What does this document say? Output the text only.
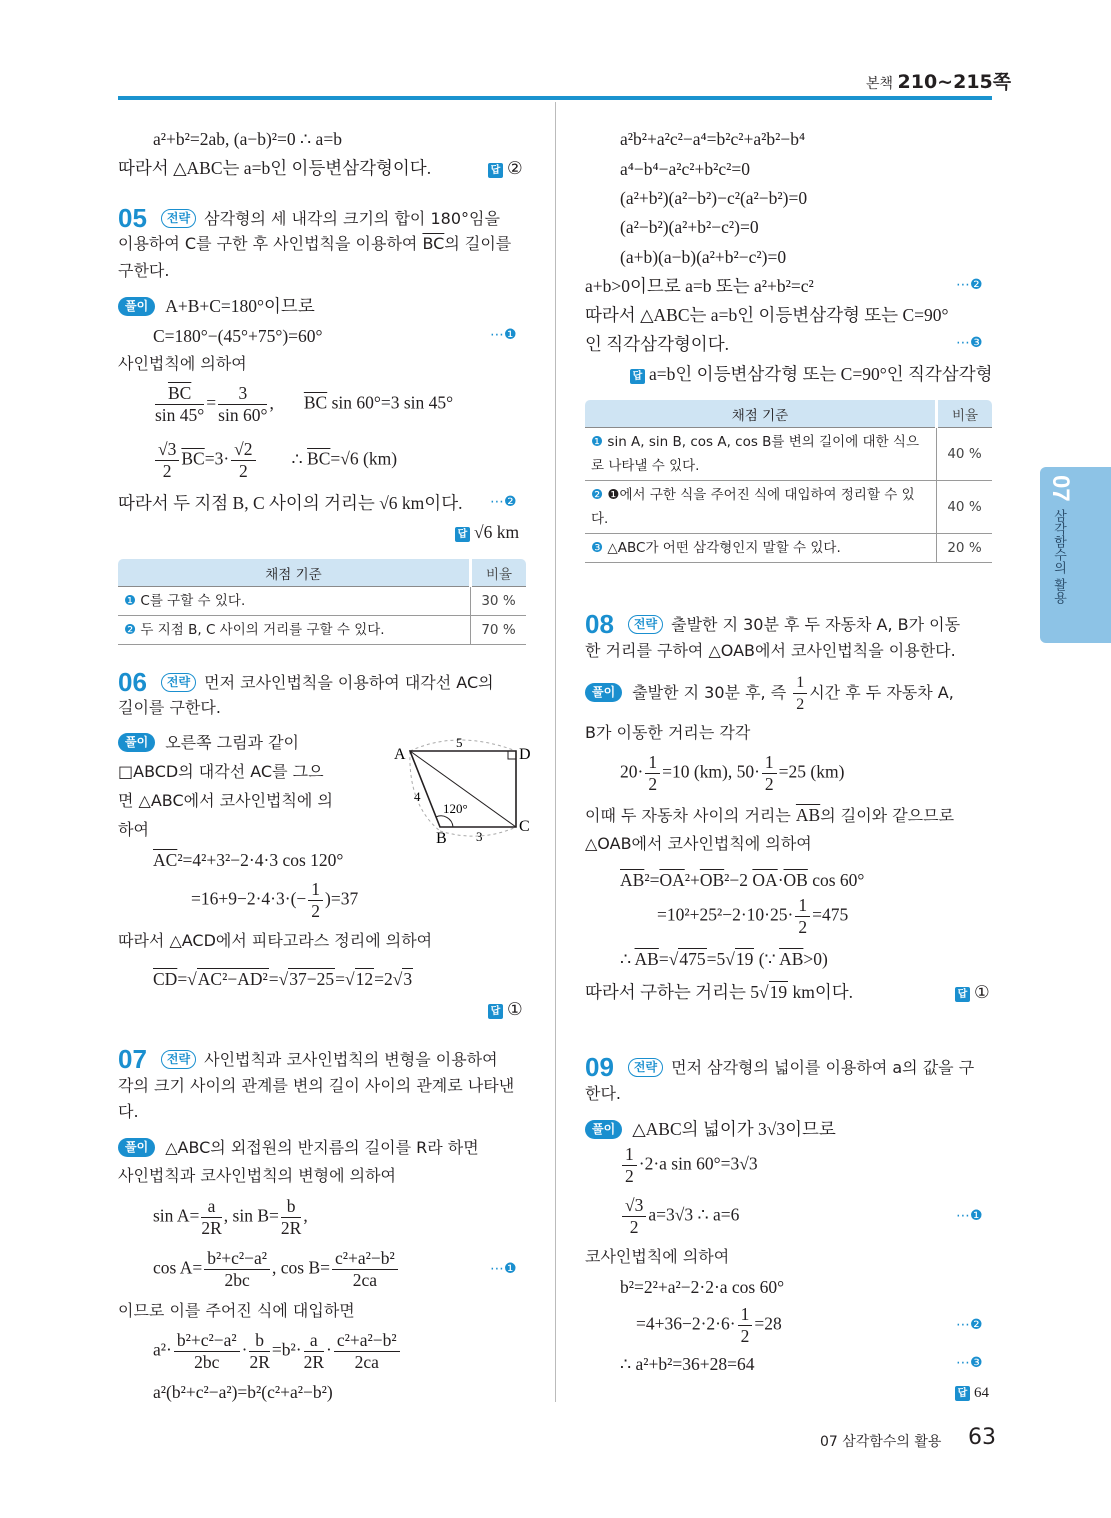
본책 210~215쪽
a²+b²=2ab, (a−b)²=0 ∴ a=b
따라서 △ABC는 a=b인 이등변삼각형이다.	답 ②
05 전략 삼각형의 세 내각의 크기의 합이 180°임을
이용하여 C를 구한 후 사인법칙을 이용하여 $\overline{BC}$의 길이를
구한다.
풀이 A+B+C=180°이므로
C=180°−(45°+75°)=60°	⋯❶
사인법칙에 의하여
$\frac{\overline{BC}}{\sin 45^\circ} = \frac{3}{\sin 60^\circ}$ , $\overline{BC}$ sin 60°=3 sin 45°
$\frac{√3}{2} \overline{BC}=3\cdot \frac{√2}{2}$ ∴ $\overline{BC}=√6$ (km)
따라서 두 지점 B, C 사이의 거리는 √6 km이다. ⋯❷
답 √6 km
채점 기준	비율
❶ C를 구할 수 있다.	30 %
❷ 두 지점 B, C 사이의 거리를 구할 수 있다.	70 %
06 전략 먼저 코사인법칙을 이용하여 대각선 AC의
길이를 구한다.
풀이 오른쪽 그림과 같이
□ABCD의 대각선 AC를 그으
면 △ABC에서 코사인법칙에 의
하여
A	D
B
C
5
4
3
120°
$\overline{AC}^2=4^2+3^2-2\cdot 4\cdot 3$ cos 120°
$=16+9-2\cdot 4\cdot 3\cdot(- \frac{1}{2} )=37$
따라서 △ACD에서 피타고라스 정리에 의하여
$\overline{CD}=√AC^2-\overline{AD}^2=√37-25=√12=2√3$
답 ①
07 전략 사인법칙과 코사인법칙의 변형을 이용하여
각의 크기 사이의 관계를 변의 길이 사이의 관계로 나타낸
다.
풀이 △ABC의 외접원의 반지름의 길이를 R라 하면
사인법칙과 코사인법칙의 변형에 의하여
$\sin A= \frac{a}{2R}$ , $\sin B= \frac{b}{2R}$ ,
$\cos A= \frac{\text{b²+c²−a²}}{2bc}$ , $\cos B= \frac{\text{c²+a²−b²}}{2ca}$	⋯❶
이므로 이를 주어진 식에 대입하면
$a^2\cdot \frac{\text{b²+c²−a²}}{2bc} \cdot \frac{b}{2R} =b^2\cdot \frac{a}{2R} \cdot \frac{\text{c²+a²−b²}}{2ca}$
a²(b²+c²−a²)=b²(c²+a²−b²)
a²b²+a²c²−a⁴=b²c²+a²b²−b⁴
a⁴−b⁴−a²c²+b²c²=0
(a²+b²)(a²−b²)−c²(a²−b²)=0
(a²−b²)(a²+b²−c²)=0
(a+b)(a−b)(a²+b²−c²)=0
a+b>0이므로 a=b 또는 a²+b²=c²	⋯❷
따라서 △ABC는 a=b인 이등변삼각형 또는 C=90°
인 직각삼각형이다.	⋯❸
답 a=b인 이등변삼각형 또는 C=90°인 직각삼각형
채점 기준	비율
❶ sin A, sin B, cos A, cos B를 변의 길이에 대한 식으로 나타낼 수 있다.	40 %
❷ ❶에서 구한 식을 주어진 식에 대입하여 정리할 수 있다.	40 %
❸ △ABC가 어떤 삼각형인지 말할 수 있다.	20 %
08 전략 출발한 지 30분 후 두 자동차 A, B가 이동
한 거리를 구하여 △OAB에서 코사인법칙을 이용한다.
풀이 출발한 지 30분 후, 즉 $\frac{1}{2}$ 시간 후 두 자동차 A,
B가 이동한 거리는 각각
$20\cdot \frac{1}{2} =10$ (km), $50\cdot \frac{1}{2} =25$ (km)
이때 두 자동차 사이의 거리는 $\overline{AB}$의 길이와 같으므로
△OAB에서 코사인법칙에 의하여
$\overline{AB}^2=\overline{OA}^2+\overline{OB}^2-2$ $\overline{OA}\cdot\overline{OB}$ cos 60°
$=10^2+25^2-2\cdot 10\cdot 25\cdot \frac{1}{2} =475$
∴ $\overline{AB}=√475=5√19$ (∵ $\overline{AB}>0$)
따라서 구하는 거리는 5√19 km이다.	답 ①
09 전략 먼저 삼각형의 넓이를 이용하여 a의 값을 구
한다.
풀이 △ABC의 넓이가 3√3이므로
$\frac{1}{2} \cdot 2\cdot a$ sin 60°=3√3
$\frac{√3}{2} a=3√3$ ∴ a=6	⋯❶
코사인법칙에 의하여
b²=2²+a²−2·2·a cos 60°
$=4+36-2\cdot 2\cdot 6\cdot \frac{1}{2} =28$	⋯❷
∴ a²+b²=36+28=64	⋯❸
답 64
07
삼각함수의 활용
07 삼각함수의 활용 63
